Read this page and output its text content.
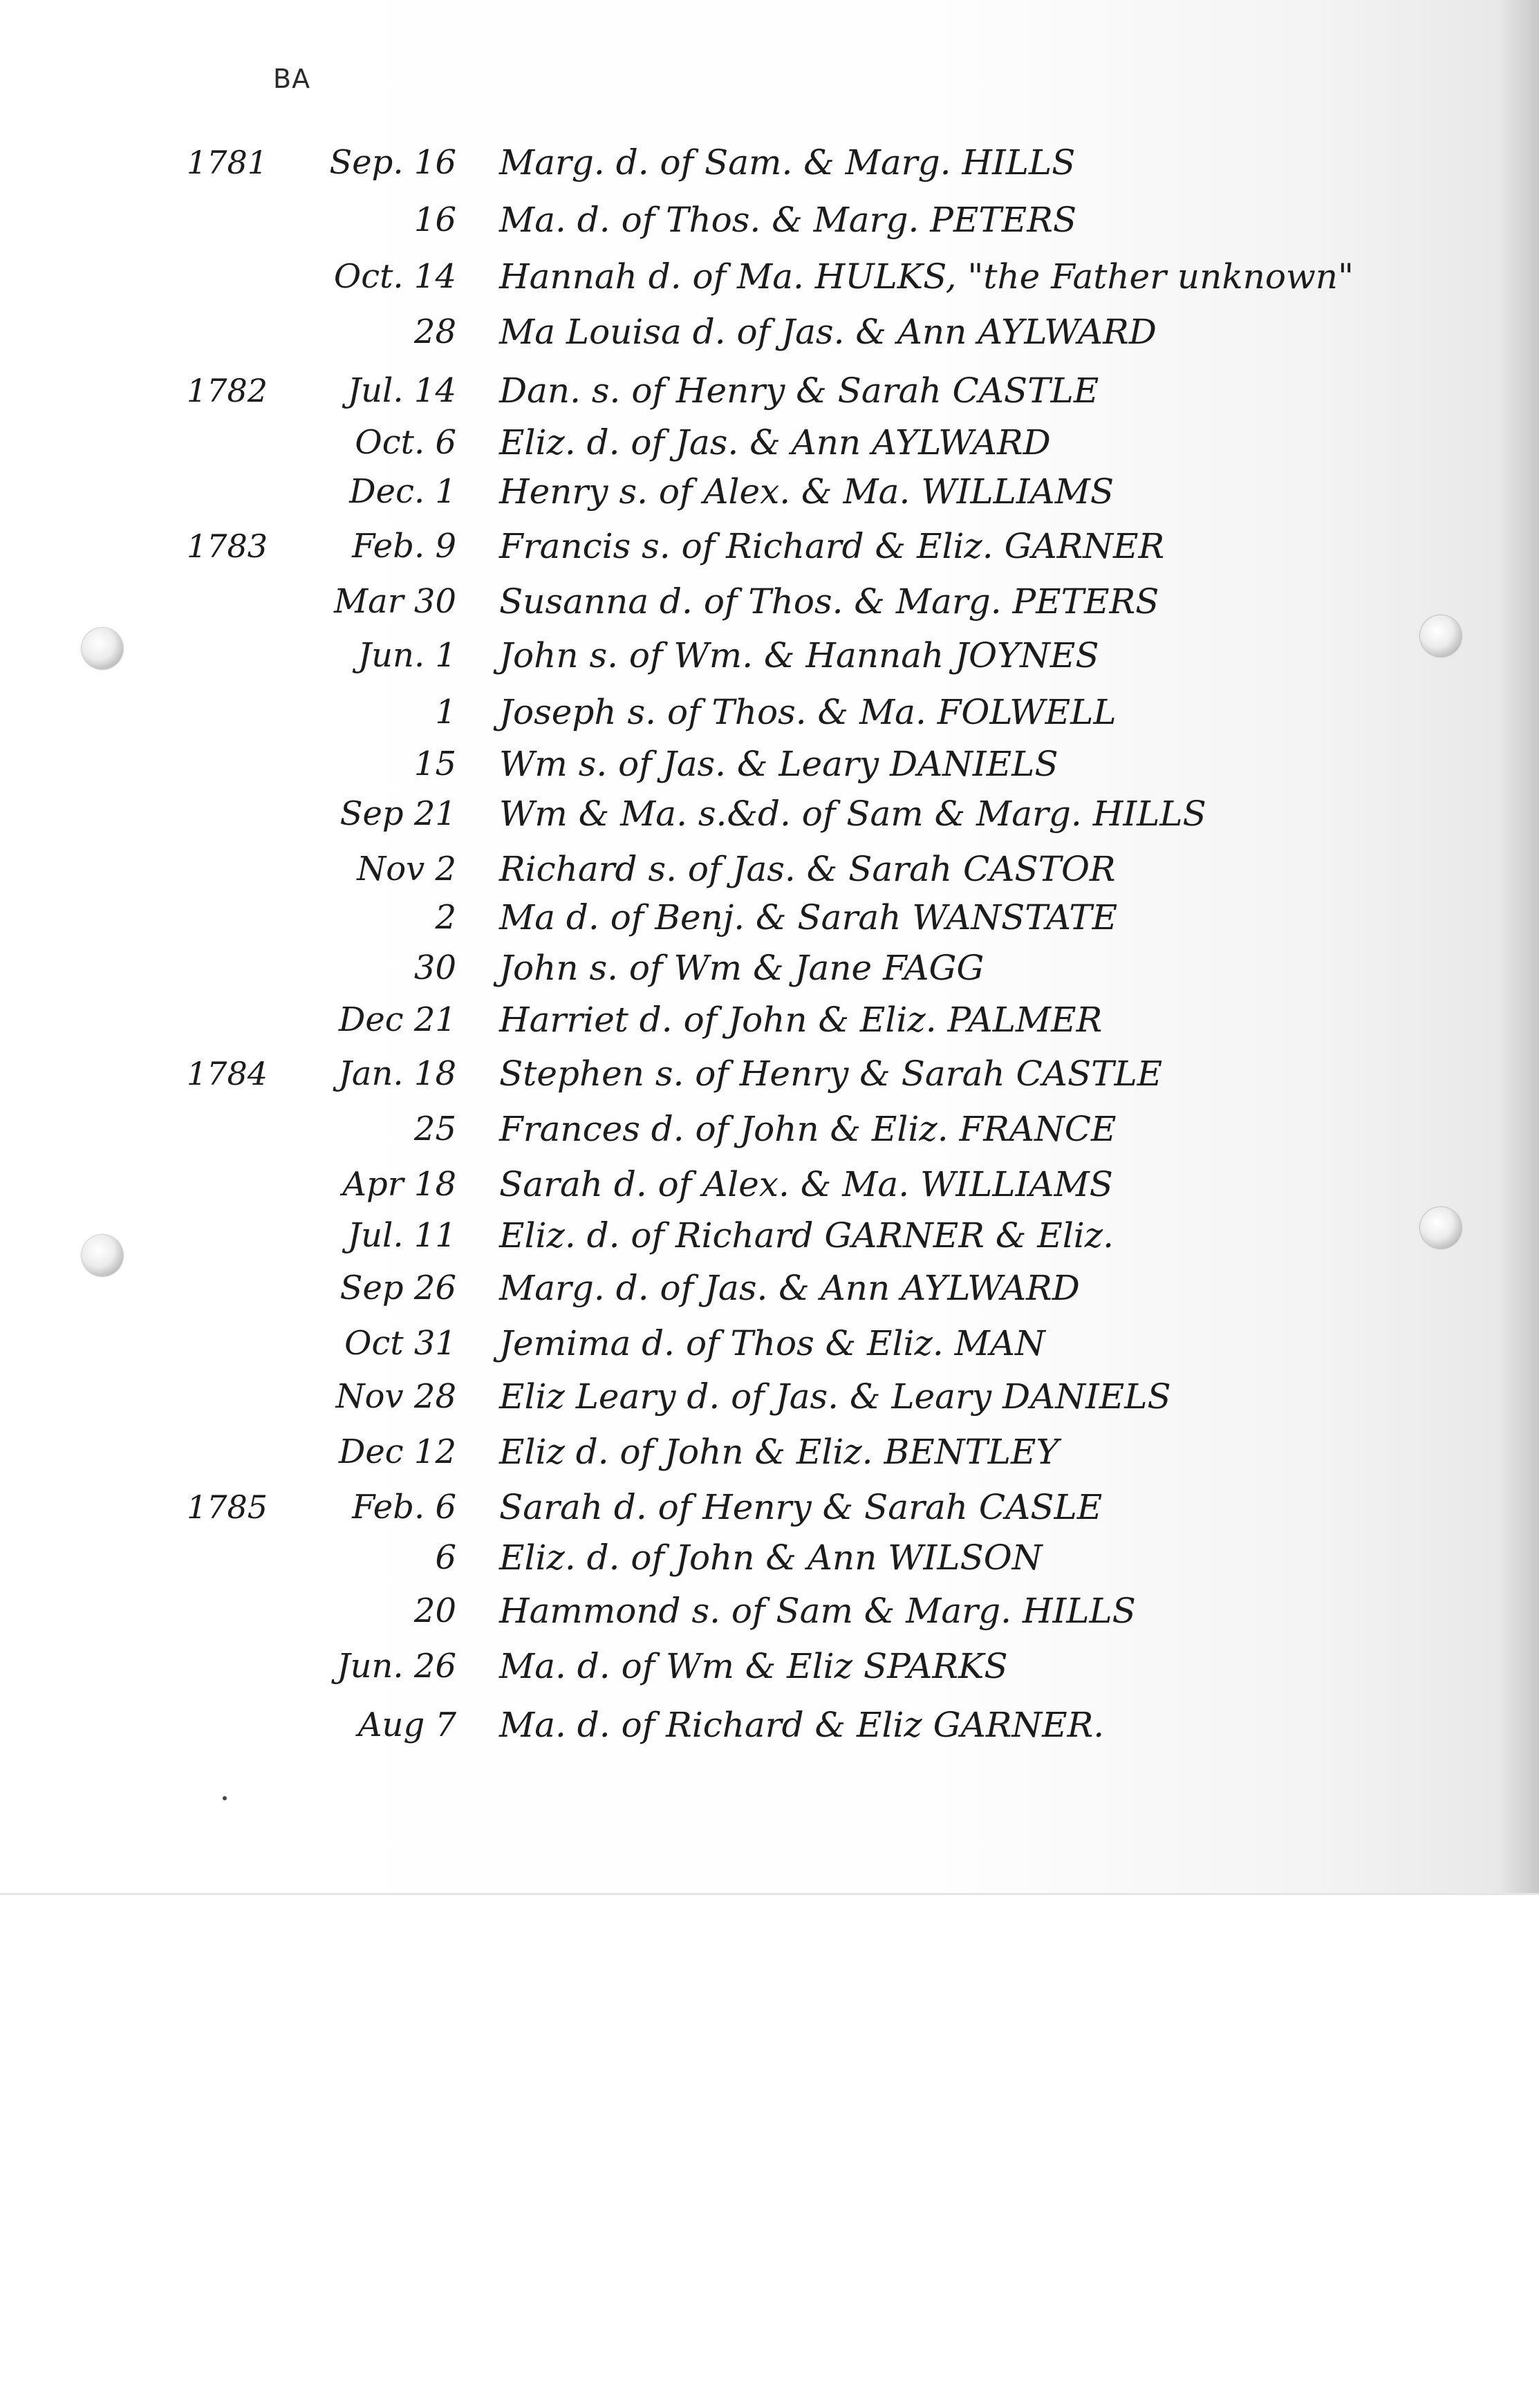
BA
1781	Sep. 16 Marg. d. of Sam. & Marg. HILLS
16 Ma. d. of Thos. & Marg. PETERS
Oct. 14 Hannah d. of Ma. HULKS, "the Father unknown"
28 Ma Louisa d. of Jas. & Ann AYLWARD
1782	Jul. 14 Dan. s. of Henry & Sarah CASTLE
Oct. 6 Eliz. d. of Jas. & Ann AYLWARD
Dec. 1 Henry s. of Alex. & Ma. WILLIAMS
1783	Feb. 9 Francis s. of Richard & Eliz. GARNER
Mar 30 Susanna d. of Thos. & Marg. PETERS
Jun. 1 John s. of Wm. & Hannah JOYNES
1 Joseph s. of Thos. & Ma. FOLWELL
15 Wm s. of Jas. & Leary DANIELS
Sep 21 Wm & Ma. s.&d. of Sam & Marg. HILLS
Nov 2 Richard s. of Jas. & Sarah CASTOR
2 Ma d. of Benj. & Sarah WANSTATE
30 John s. of Wm & Jane FAGG
Dec 21 Harriet d. of John & Eliz. PALMER
1784	Jan. 18 Stephen s. of Henry & Sarah CASTLE
25 Frances d. of John & Eliz. FRANCE
Apr 18 Sarah d. of Alex. & Ma. WILLIAMS
Jul. 11 Eliz. d. of Richard GARNER & Eliz.
Sep 26 Marg. d. of Jas. & Ann AYLWARD
Oct 31 Jemima d. of Thos & Eliz. MAN
Nov 28 Eliz Leary d. of Jas. & Leary DANIELS
Dec 12 Eliz d. of John & Eliz. BENTLEY
1785	Feb. 6 Sarah d. of Henry & Sarah CASLE
6 Eliz. d. of John & Ann WILSON
20 Hammond s. of Sam & Marg. HILLS
Jun. 26 Ma. d. of Wm & Eliz SPARKS
Aug 7 Ma. d. of Richard & Eliz GARNER.
